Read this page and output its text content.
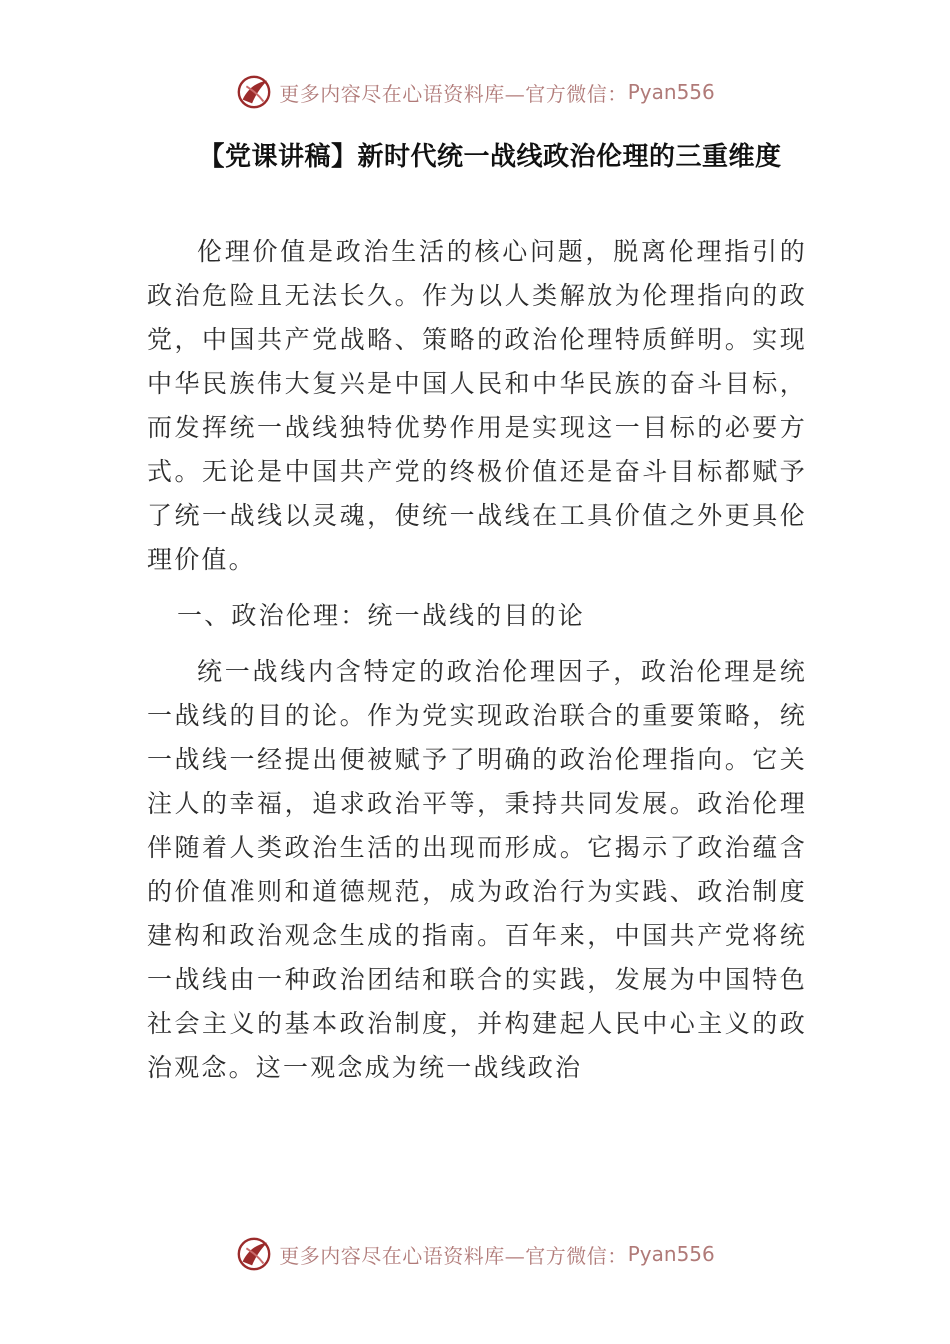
更多内容尽在心语资料库—官方微信： Pyan556
【党课讲稿】新时代统一战线政治伦理的三重维度

伦理价值是政治生活的核心问题，脱离伦理指引的政治危险且无法长久。作为以人类解放为伦理指向的政党，中国共产党战略、策略的政治伦理特质鲜明。实现中华民族伟大复兴是中国人民和中华民族的奋斗目标，而发挥统一战线独特优势作用是实现这一目标的必要方式。无论是中国共产党的终极价值还是奋斗目标都赋予了统一战线以灵魂，使统一战线在工具价值之外更具伦理价值。

一、政治伦理：统一战线的目的论

统一战线内含特定的政治伦理因子，政治伦理是统一战线的目的论。作为党实现政治联合的重要策略，统一战线一经提出便被赋予了明确的政治伦理指向。它关注人的幸福，追求政治平等，秉持共同发展。政治伦理伴随着人类政治生活的出现而形成。它揭示了政治蕴含的价值准则和道德规范，成为政治行为实践、政治制度建构和政治观念生成的指南。百年来，中国共产党将统一战线由一种政治团结和联合的实践，发展为中国特色社会主义的基本政治制度，并构建起人民中心主义的政治观念。这一观念成为统一战线政治

更多内容尽在心语资料库—官方微信： Pyan556
